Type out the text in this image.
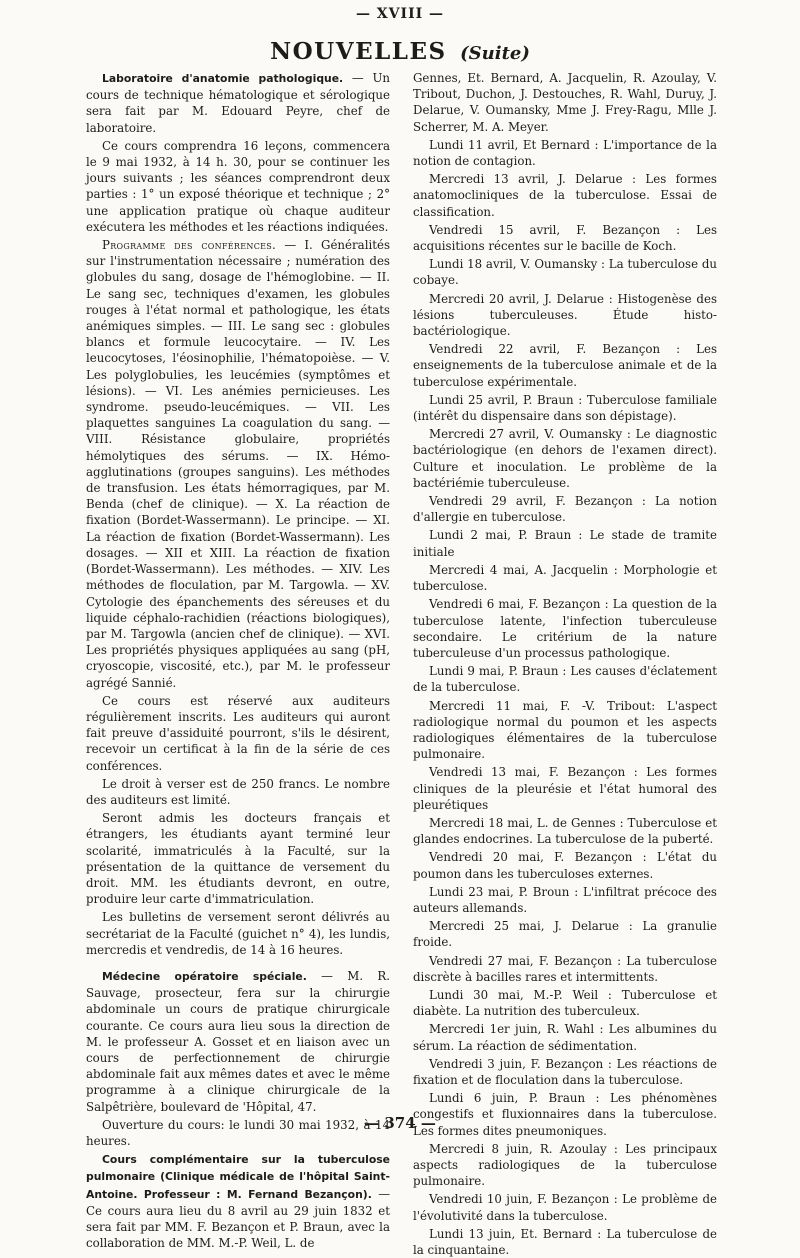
— XVIII —
NOUVELLES (Suite)

Laboratoire d'anatomie pathologique. — Un cours de technique hématologique et sérologique sera fait par M. Edouard Peyre, chef de laboratoire.

Ce cours comprendra 16 leçons, commencera le 9 mai 1932, à 14 h. 30, pour se continuer les jours suivants ; les séances comprendront deux parties : 1° un exposé théorique et technique ; 2° une application pratique où chaque auditeur exécutera les méthodes et les réactions indiquées.

Programme des conférences. — I. Généralités sur l'instrumentation nécessaire ; numération des globules du sang, dosage de l'hémoglobine. — II. Le sang sec, techniques d'examen, les globules rouges à l'état normal et pathologique, les états anémiques simples. — III. Le sang sec : globules blancs et formule leucocytaire. — IV. Les leucocytoses, l'éosinophilie, l'hématopoièse. — V. Les polyglobulies, les leucémies (symptômes et lésions). — VI. Les anémies pernicieuses. Les syndrome. pseudo-leucémiques. — VII. Les plaquettes sanguines La coagulation du sang. — VIII. Résistance globulaire, propriétés hémolytiques des sérums. — IX. Hémo-agglutinations (groupes sanguins). Les méthodes de transfusion. Les états hémorragiques, par M. Benda (chef de clinique). — X. La réaction de fixation (Bordet-Wassermann). Le principe. — XI. La réaction de fixation (Bordet-Wassermann). Les dosages. — XII et XIII. La réaction de fixation (Bordet-Wassermann). Les méthodes. — XIV. Les méthodes de floculation, par M. Targowla. — XV. Cytologie des épanchements des séreuses et du liquide céphalo-rachidien (réactions biologiques), par M. Targowla (ancien chef de clinique). — XVI. Les propriétés physiques appliquées au sang (pH, cryoscopie, viscosité, etc.), par M. le professeur agrégé Sannié.

Ce cours est réservé aux auditeurs régulièrement inscrits. Les auditeurs qui auront fait preuve d'assiduité pourront, s'ils le désirent, recevoir un certificat à la fin de la série de ces conférences.

Le droit à verser est de 250 francs. Le nombre des auditeurs est limité.

Seront admis les docteurs français et étrangers, les étudiants ayant terminé leur scolarité, immatriculés à la Faculté, sur la présentation de la quittance de versement du droit. MM. les étudiants devront, en outre, produire leur carte d'immatriculation.

Les bulletins de versement seront délivrés au secrétariat de la Faculté (guichet n° 4), les lundis, mercredis et vendredis, de 14 à 16 heures.

Médecine opératoire spéciale. — M. R. Sauvage, prosecteur, fera sur la chirurgie abdominale un cours de pratique chirurgicale courante. Ce cours aura lieu sous la direction de M. le professeur A. Gosset et en liaison avec un cours de perfectionnement de chirurgie abdominale fait aux mêmes dates et avec le même programme à a clinique chirurgicale de la Salpêtrière, boulevard de 'Hôpital, 47.

Ouverture du cours: le lundi 30 mai 1932, à 14 heures.

Cours complémentaire sur la tuberculose pulmonaire (Clinique médicale de l'hôpital Saint-Antoine. Professeur : M. Fernand Bezançon). — Ce cours aura lieu du 8 avril au 29 juin 1832 et sera fait par MM. F. Bezançon et P. Braun, avec la collaboration de MM. M.-P. Weil, L. de

Gennes, Et. Bernard, A. Jacquelin, R. Azoulay, V. Tribout, Duchon, J. Destouches, R. Wahl, Duruy, J. Delarue, V. Oumansky, Mme J. Frey-Ragu, Mlle J. Scherrer, M. A. Meyer.

Lundi 11 avril, Et Bernard : L'importance de la notion de contagion.

Mercredi 13 avril, J. Delarue : Les formes anatomocliniques de la tuberculose. Essai de classification.

Vendredi 15 avril, F. Bezançon : Les acquisitions récentes sur le bacille de Koch.

Lundi 18 avril, V. Oumansky : La tuberculose du cobaye.

Mercredi 20 avril, J. Delarue : Histogenèse des lésions tuberculeuses. Étude histo-bactériologique.

Vendredi 22 avril, F. Bezançon : Les enseignements de la tuberculose animale et de la tuberculose expérimentale.

Lundi 25 avril, P. Braun : Tuberculose familiale (intérêt du dispensaire dans son dépistage).

Mercredi 27 avril, V. Oumansky : Le diagnostic bactériologique (en dehors de l'examen direct). Culture et inoculation. Le problème de la bactériémie tuberculeuse.

Vendredi 29 avril, F. Bezançon : La notion d'allergie en tuberculose.

Lundi 2 mai, P. Braun : Le stade de tramite initiale

Mercredi 4 mai, A. Jacquelin : Morphologie et tuberculose.

Vendredi 6 mai, F. Bezançon : La question de la tuberculose latente, l'infection tuberculeuse secondaire. Le critérium de la nature tuberculeuse d'un processus pathologique.

Lundi 9 mai, P. Braun : Les causes d'éclatement de la tuberculose.

Mercredi 11 mai, F. -V. Tribout: L'aspect radiologique normal du poumon et les aspects radiologiques élémentaires de la tuberculose pulmonaire.

Vendredi 13 mai, F. Bezançon : Les formes cliniques de la pleurésie et l'état humoral des pleurétiques

Mercredi 18 mai, L. de Gennes : Tuberculose et glandes endocrines. La tuberculose de la puberté.

Vendredi 20 mai, F. Bezançon : L'état du poumon dans les tuberculoses externes.

Lundi 23 mai, P. Broun : L'infiltrat précoce des auteurs allemands.

Mercredi 25 mai, J. Delarue : La granulie froide.

Vendredi 27 mai, F. Bezançon : La tuberculose discrète à bacilles rares et intermittents.

Lundi 30 mai, M.-P. Weil : Tuberculose et diabète. La nutrition des tuberculeux.

Mercredi 1er juin, R. Wahl : Les albumines du sérum. La réaction de sédimentation.

Vendredi 3 juin, F. Bezançon : Les réactions de fixation et de floculation dans la tuberculose.

Lundi 6 juin, P. Braun : Les phénomènes congestifs et fluxionnaires dans la tuberculose. Les formes dites pneumoniques.

Mercredi 8 juin, R. Azoulay : Les principaux aspects radiologiques de la tuberculose pulmonaire.

Vendredi 10 juin, F. Bezançon : Le problème de l'évolutivité dans la tuberculose.

Lundi 13 juin, Et. Bernard : La tuberculose de la cinquantaine.

— 374 —
